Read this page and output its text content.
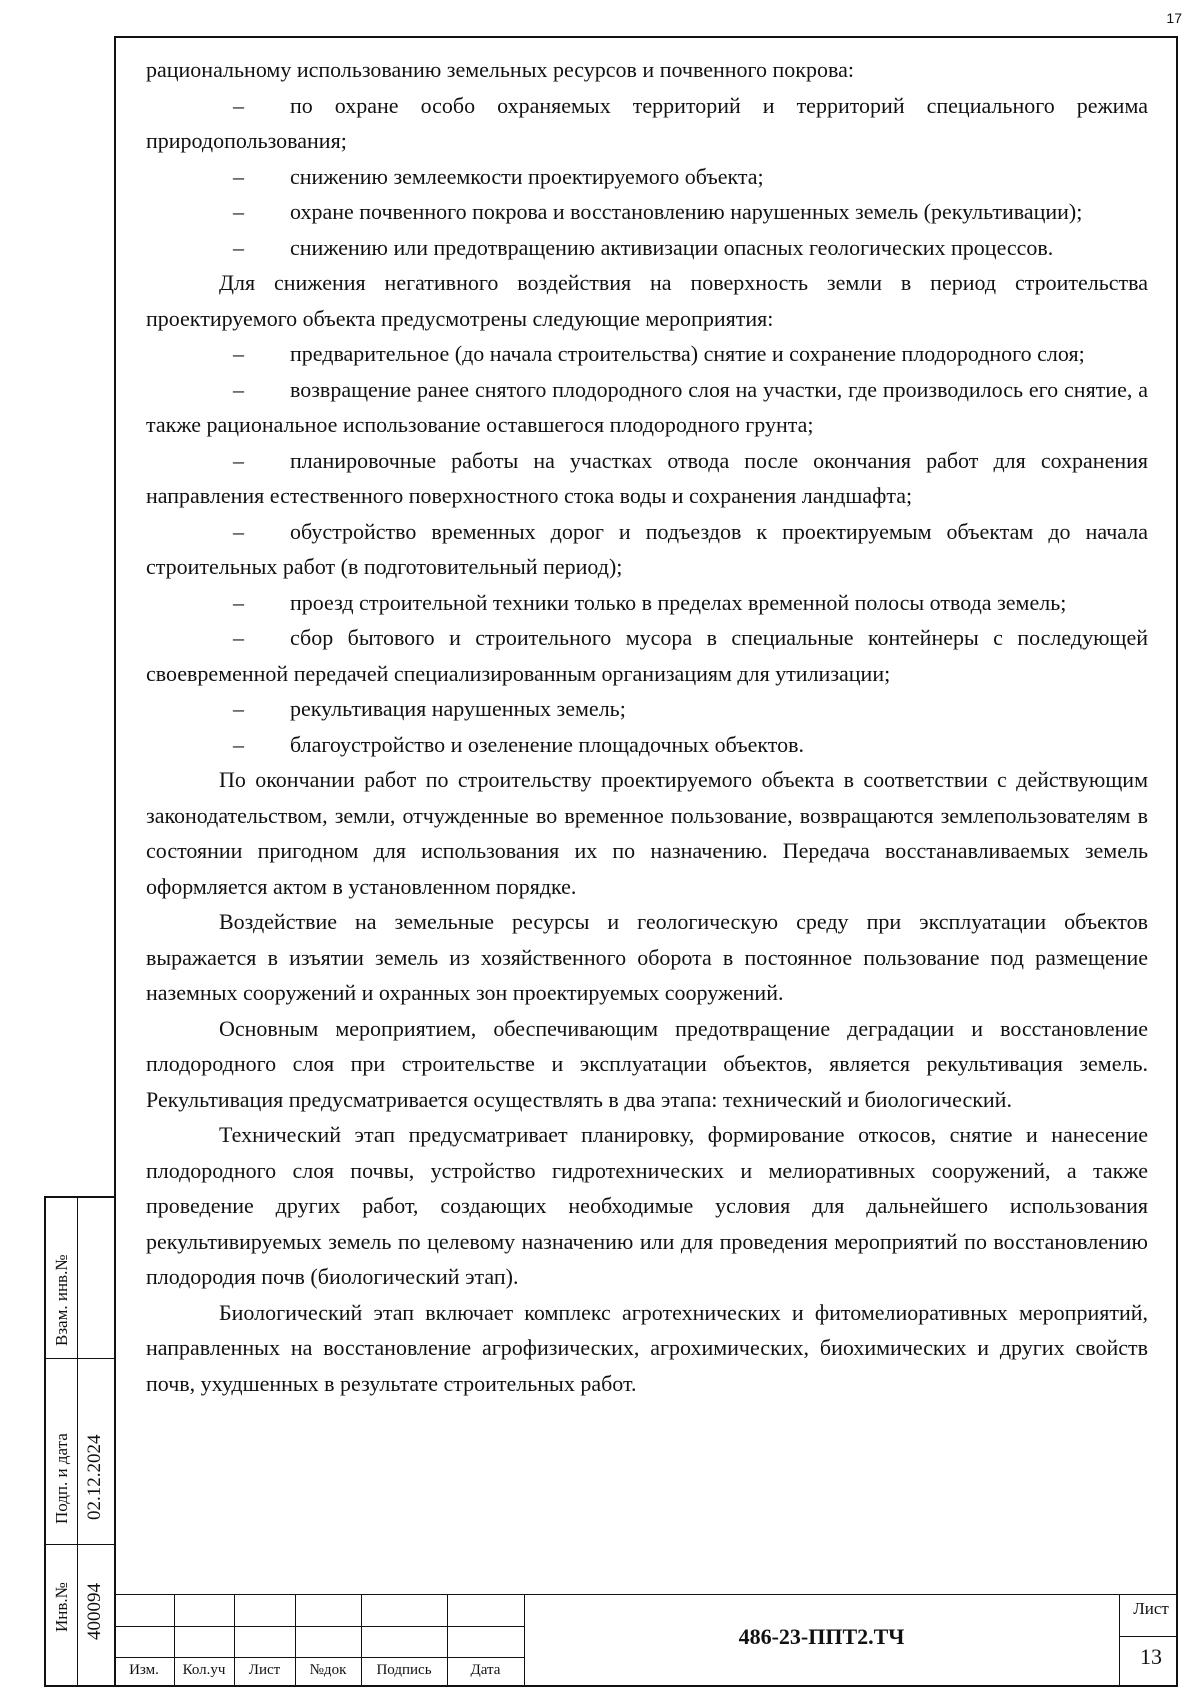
17

рациональному использованию земельных ресурсов и почвенного покрова:

– по охране особо охраняемых территорий и территорий специального режима природопользования;

– снижению землеемкости проектируемого объекта;

– охране почвенного покрова и восстановлению нарушенных земель (рекультивации);

– снижению или предотвращению активизации опасных геологических процессов.

Для снижения негативного воздействия на поверхность земли в период строительства проектируемого объекта предусмотрены следующие мероприятия:

– предварительное (до начала строительства) снятие и сохранение плодородного слоя;

– возвращение ранее снятого плодородного слоя на участки, где производилось его снятие, а также рациональное использование оставшегося плодородного грунта;

– планировочные работы на участках отвода после окончания работ для сохранения направления естественного поверхностного стока воды и сохранения ландшафта;

– обустройство временных дорог и подъездов к проектируемым объектам до начала строительных работ (в подготовительный период);

– проезд строительной техники только в пределах временной полосы отвода земель;

– сбор бытового и строительного мусора в специальные контейнеры с последующей своевременной передачей специализированным организациям для утилизации;

– рекультивация нарушенных земель;

– благоустройство и озеленение площадочных объектов.

По окончании работ по строительству проектируемого объекта в соответствии с действующим законодательством, земли, отчужденные во временное пользование, возвращаются землепользователям в состоянии пригодном для использования их по назначению. Передача восстанавливаемых земель оформляется актом в установленном порядке.

Воздействие на земельные ресурсы и геологическую среду при эксплуатации объектов выражается в изъятии земель из хозяйственного оборота в постоянное пользование под размещение наземных сооружений и охранных зон проектируемых сооружений.

Основным мероприятием, обеспечивающим предотвращение деградации и восстановление плодородного слоя при строительстве и эксплуатации объектов, является рекультивация земель. Рекультивация предусматривается осуществлять в два этапа: технический и биологический.

Технический этап предусматривает планировку, формирование откосов, снятие и нанесение плодородного слоя почвы, устройство гидротехнических и мелиоративных сооружений, а также проведение других работ, создающих необходимые условия для дальнейшего использования рекультивируемых земель по целевому назначению или для проведения мероприятий по восстановлению плодородия почв (биологический этап).

Биологический этап включает комплекс агротехнических и фитомелиоративных мероприятий, направленных на восстановление агрофизических, агрохимических, биохимических и других свойств почв, ухудшенных в результате строительных работ.

Взам. инв.№
Подп. и дата 02.12.2024
Инв.№ 400094
Изм.	Кол.уч	Лист	№док	Подпись	Дата
486-23-ППТ2.ТЧ
Лист
13
